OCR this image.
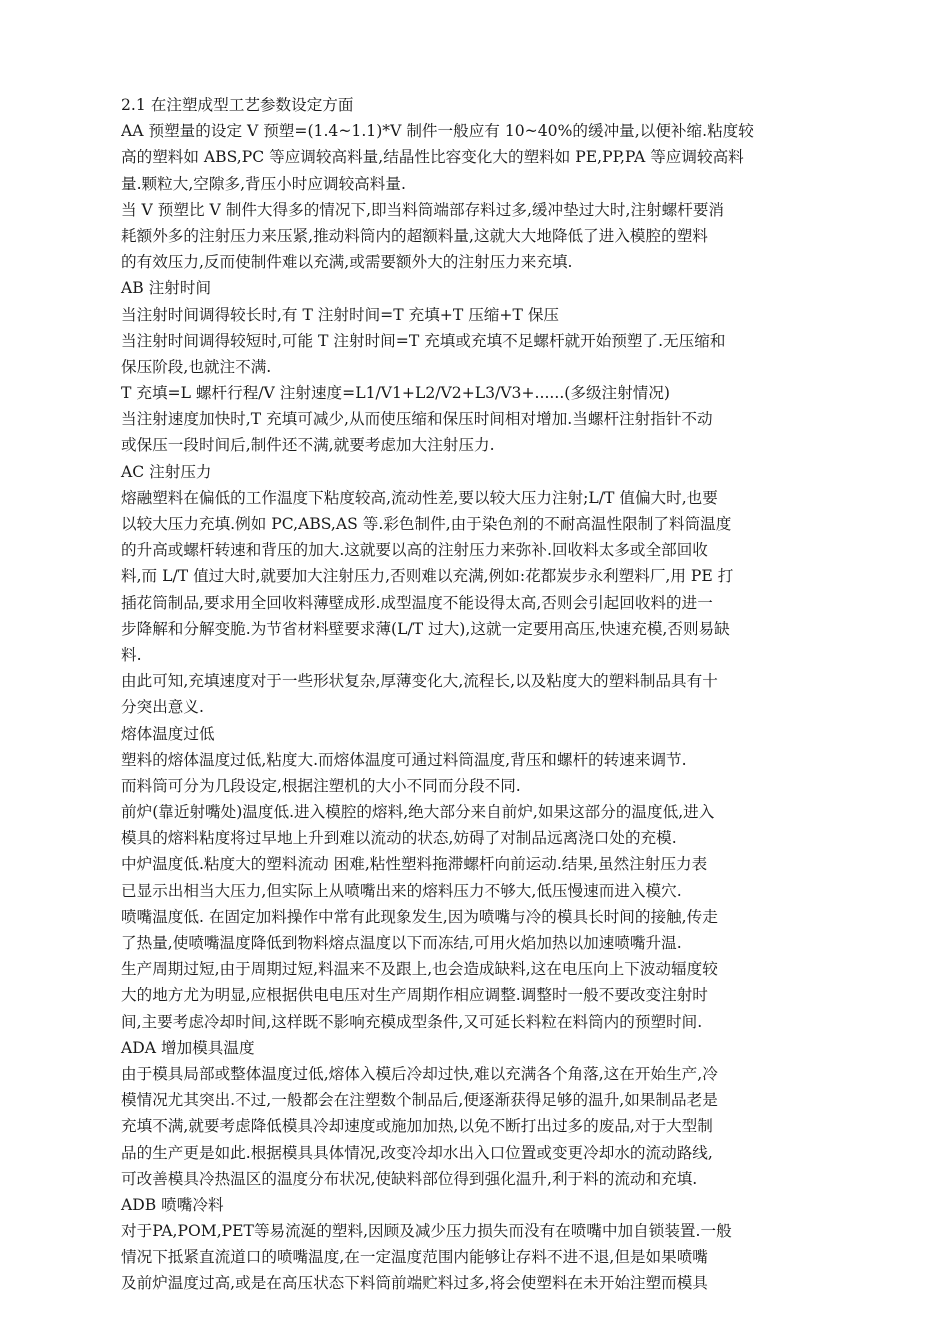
2.1 在注塑成型工艺参数设定方面
AA 预塑量的设定 V 预塑=(1.4~1.1)*V 制件一般应有 10~40%的缓冲量,以便补缩.粘度较
高的塑料如 ABS,PC 等应调较高料量,结晶性比容变化大的塑料如 PE,PP,PA 等应调较高料
量.颗粒大,空隙多,背压小时应调较高料量.
当 V 预塑比 V 制件大得多的情况下,即当料筒端部存料过多,缓冲垫过大时,注射螺杆要消
耗额外多的注射压力来压紧,推动料筒内的超额料量,这就大大地降低了进入模腔的塑料
的有效压力,反而使制件难以充满,或需要额外大的注射压力来充填.
AB 注射时间
当注射时间调得较长时,有 T 注射时间=T 充填+T 压缩+T 保压
当注射时间调得较短时,可能 T 注射时间=T 充填或充填不足螺杆就开始预塑了.无压缩和
保压阶段,也就注不满.
T 充填=L 螺杆行程/V 注射速度=L1/V1+L2/V2+L3/V3+......(多级注射情况)
当注射速度加快时,T 充填可减少,从而使压缩和保压时间相对增加.当螺杆注射指针不动
或保压一段时间后,制件还不满,就要考虑加大注射压力.
AC 注射压力
熔融塑料在偏低的工作温度下粘度较高,流动性差,要以较大压力注射;L/T 值偏大时,也要
以较大压力充填.例如 PC,ABS,AS 等.彩色制件,由于染色剂的不耐高温性限制了料筒温度
的升高或螺杆转速和背压的加大.这就要以高的注射压力来弥补.回收料太多或全部回收
料,而 L/T 值过大时,就要加大注射压力,否则难以充满,例如:花都炭步永利塑料厂,用 PE 打
插花筒制品,要求用全回收料薄壁成形.成型温度不能设得太高,否则会引起回收料的进一
步降解和分解变脆.为节省材料壁要求薄(L/T 过大),这就一定要用高压,快速充模,否则易缺
料.
由此可知,充填速度对于一些形状复杂,厚薄变化大,流程长,以及粘度大的塑料制品具有十
分突出意义.
熔体温度过低
塑料的熔体温度过低,粘度大.而熔体温度可通过料筒温度,背压和螺杆的转速来调节.
而料筒可分为几段设定,根据注塑机的大小不同而分段不同.
前炉(靠近射嘴处)温度低.进入模腔的熔料,绝大部分来自前炉,如果这部分的温度低,进入
模具的熔料粘度将过早地上升到难以流动的状态,妨碍了对制品远离浇口处的充模.
中炉温度低.粘度大的塑料流动 困难,粘性塑料拖滞螺杆向前运动.结果,虽然注射压力表
已显示出相当大压力,但实际上从喷嘴出来的熔料压力不够大,低压慢速而进入模穴.
喷嘴温度低. 在固定加料操作中常有此现象发生,因为喷嘴与冷的模具长时间的接触,传走
了热量,使喷嘴温度降低到物料熔点温度以下而冻结,可用火焰加热以加速喷嘴升温.
生产周期过短,由于周期过短,料温来不及跟上,也会造成缺料,这在电压向上下波动辐度较
大的地方尤为明显,应根据供电电压对生产周期作相应调整.调整时一般不要改变注射时
间,主要考虑冷却时间,这样既不影响充模成型条件,又可延长料粒在料筒内的预塑时间.
ADA 增加模具温度
由于模具局部或整体温度过低,熔体入模后冷却过快,难以充满各个角落,这在开始生产,冷
模情况尤其突出.不过,一般都会在注塑数个制品后,便逐渐获得足够的温升,如果制品老是
充填不满,就要考虑降低模具冷却速度或施加加热,以免不断打出过多的废品,对于大型制
品的生产更是如此.根据模具具体情况,改变冷却水出入口位置或变更冷却水的流动路线,
可改善模具冷热温区的温度分布状况,使缺料部位得到强化温升,利于料的流动和充填.
ADB 喷嘴冷料
对于PA,POM,PET等易流涎的塑料,因顾及减少压力损失而没有在喷嘴中加自锁装置.一般
情况下抵紧直流道口的喷嘴温度,在一定温度范围内能够让存料不进不退,但是如果喷嘴
及前炉温度过高,或是在高压状态下料筒前端贮料过多,将会使塑料在未开始注塑而模具
